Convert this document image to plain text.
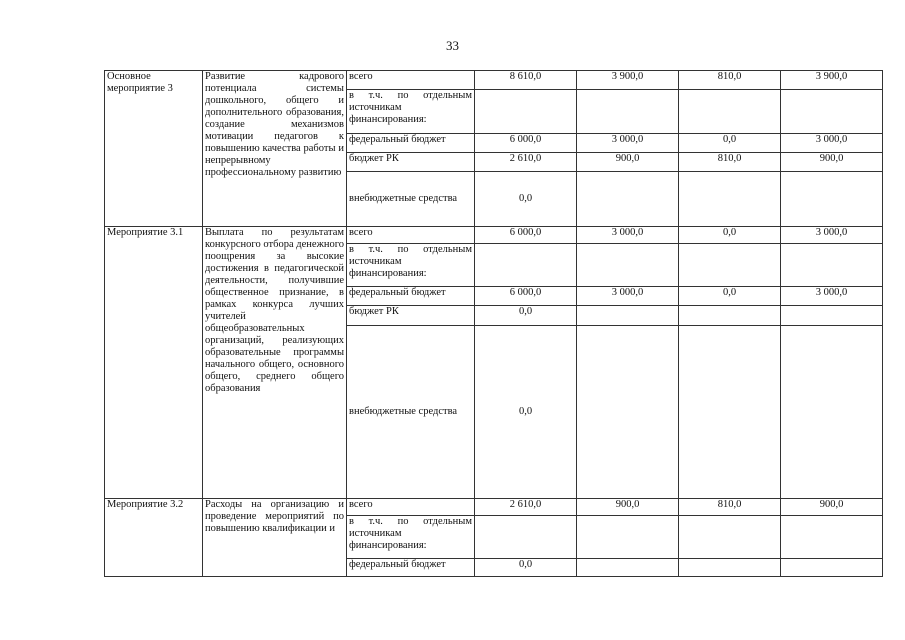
33
Основное мероприятие 3	Развитие кадрового потенциала системы дошкольного, общего и дополнительного образования, создание механизмов мотивации педагогов к повышению качества работы и непрерывному профессиональному развитию	всего	8 610,0	3 900,0	810,0	3 900,0
		в т.ч. по отдельным источникам финансирования:				
		федеральный бюджет	6 000,0	3 000,0	0,0	3 000,0
		бюджет РК	2 610,0	900,0	810,0	900,0
		внебюджетные средства	0,0			
Мероприятие 3.1	Выплата по результатам конкурсного отбора денежного поощрения за высокие достижения в педагогической деятельности, получившие общественное признание, в рамках конкурса лучших учителей общеобразовательных организаций, реализующих образовательные программы начального общего, основного общего, среднего общего образования	всего	6 000,0	3 000,0	0,0	3 000,0
		в т.ч. по отдельным источникам финансирования:				
		федеральный бюджет	6 000,0	3 000,0	0,0	3 000,0
		бюджет РК	0,0			
		внебюджетные средства	0,0			
Мероприятие 3.2	Расходы на организацию и проведение мероприятий по повышению квалификации и	всего	2 610,0	900,0	810,0	900,0
		в т.ч. по отдельным источникам финансирования:				
		федеральный бюджет	0,0			
